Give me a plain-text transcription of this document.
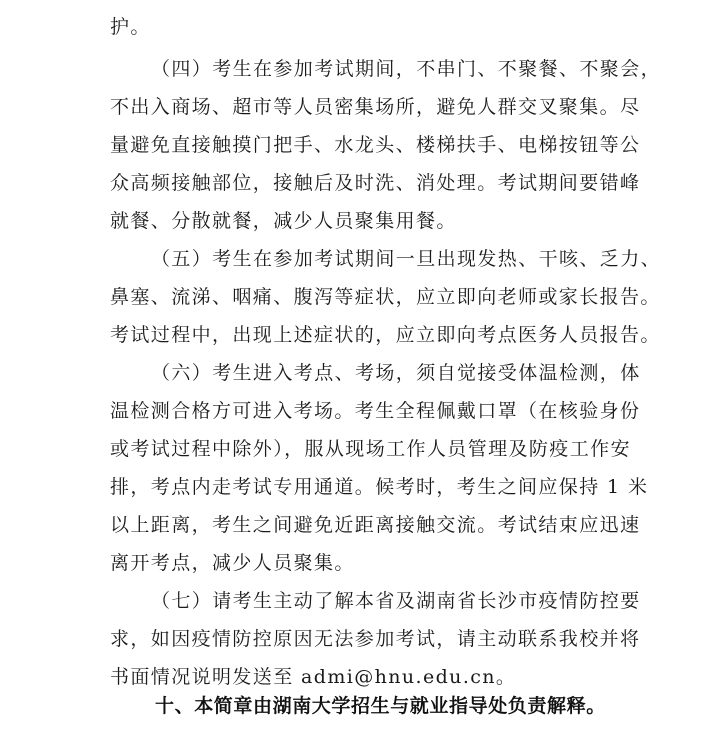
护。
（四）考生在参加考试期间，不串门、不聚餐、不聚会，
不出入商场、超市等人员密集场所，避免人群交叉聚集。尽
量避免直接触摸门把手、水龙头、楼梯扶手、电梯按钮等公
众高频接触部位，接触后及时洗、消处理。考试期间要错峰
就餐、分散就餐，减少人员聚集用餐。
（五）考生在参加考试期间一旦出现发热、干咳、乏力、
鼻塞、流涕、咽痛、腹泻等症状，应立即向老师或家长报告。
考试过程中，出现上述症状的，应立即向考点医务人员报告。
（六）考生进入考点、考场，须自觉接受体温检测，体
温检测合格方可进入考场。考生全程佩戴口罩（在核验身份
或考试过程中除外），服从现场工作人员管理及防疫工作安
排，考点内走考试专用通道。候考时，考生之间应保持 1 米
以上距离，考生之间避免近距离接触交流。考试结束应迅速
离开考点，减少人员聚集。
（七）请考生主动了解本省及湖南省长沙市疫情防控要
求，如因疫情防控原因无法参加考试，请主动联系我校并将
书面情况说明发送至 admi@hnu.edu.cn。
十、本简章由湖南大学招生与就业指导处负责解释。
